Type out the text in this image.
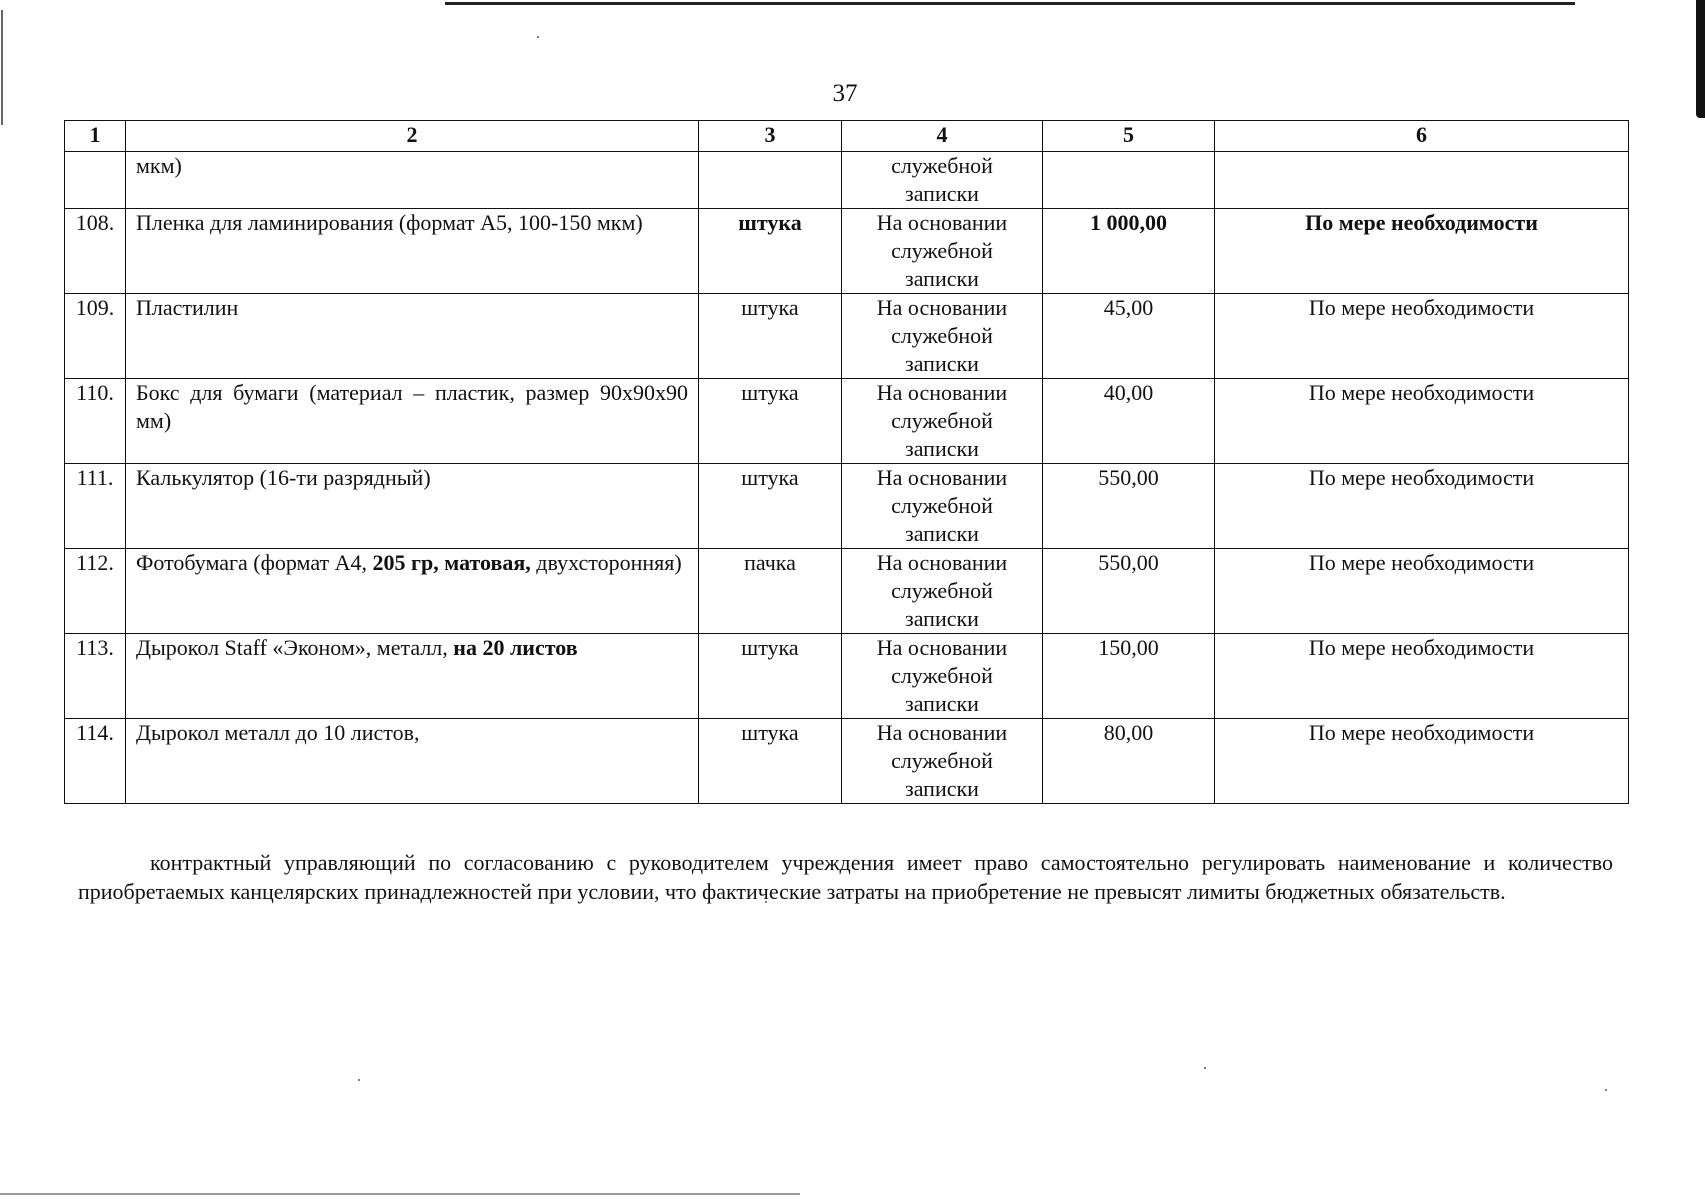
37
1	2	3	4	5	6
	мкм)		служебной записки		
108.	Пленка для ламинирования (формат А5, 100-150 мкм)	штука	На основании служебной записки	1 000,00	По мере необходимости
109.	Пластилин	штука	На основании служебной записки	45,00	По мере необходимости
110.	Бокс для бумаги (материал – пластик, размер 90х90х90 мм)	штука	На основании служебной записки	40,00	По мере необходимости
111.	Калькулятор (16-ти разрядный)	штука	На основании служебной записки	550,00	По мере необходимости
112.	Фотобумага (формат А4, 205 гр, матовая, двухсторонняя)	пачка	На основании служебной записки	550,00	По мере необходимости
113.	Дырокол Staff «Эконом», металл, на 20 листов	штука	На основании служебной записки	150,00	По мере необходимости
114.	Дырокол металл до 10 листов,	штука	На основании служебной записки	80,00	По мере необходимости

контрактный управляющий по согласованию с руководителем учреждения имеет право самостоятельно регулировать наименование и количество приобретаемых канцелярских принадлежностей при условии, что фактические затраты на приобретение не превысят лимиты бюджетных обязательств.
